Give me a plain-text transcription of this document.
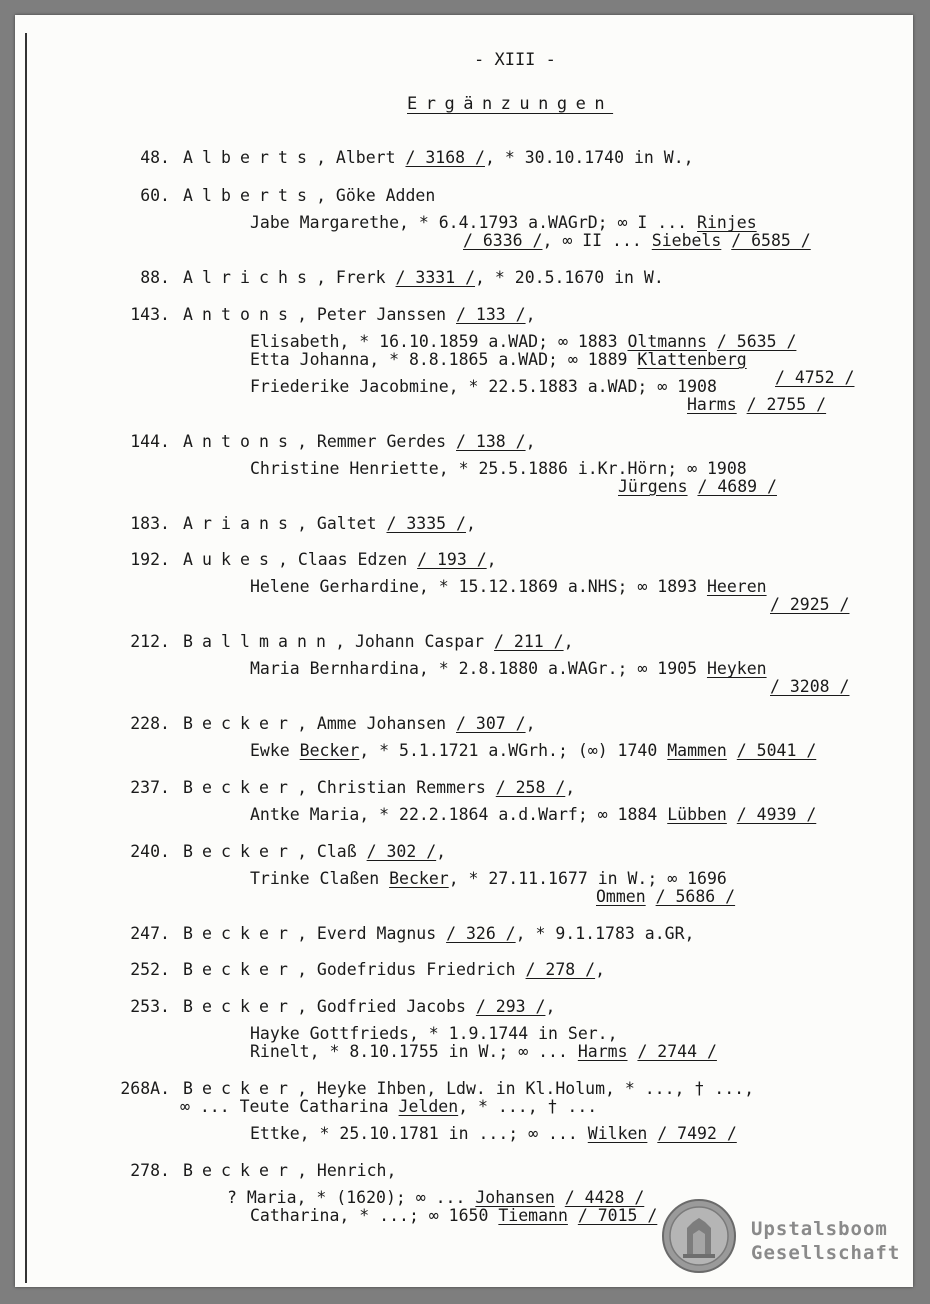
- XIII -
Ergänzungen
48. Alberts, Albert / 3168 /, * 30.10.1740 in W.,
60. Alberts, Göke Adden
Jabe Margarethe, * 6.4.1793 a.WAGrD; ∞ I ... Rinjes
/ 6336 /, ∞ II ... Siebels / 6585 /
88. Alrichs, Frerk / 3331 /, * 20.5.1670 in W.
143. Antons, Peter Janssen / 133 /,
Elisabeth, * 16.10.1859 a.WAD; ∞ 1883 Oltmanns / 5635 /
Etta Johanna, * 8.8.1865 a.WAD; ∞ 1889 Klattenberg
Friederike Jacobmine, * 22.5.1883 a.WAD; ∞ 1908	/ 4752 /
Harms / 2755 /
144. Antons, Remmer Gerdes / 138 /,
Christine Henriette, * 25.5.1886 i.Kr.Hörn; ∞ 1908
Jürgens / 4689 /
183. Arians, Galtet / 3335 /,
192. Aukes, Claas Edzen / 193 /,
Helene Gerhardine, * 15.12.1869 a.NHS; ∞ 1893 Heeren
/ 2925 /
212. Ballmann, Johann Caspar / 211 /,
Maria Bernhardina, * 2.8.1880 a.WAGr.; ∞ 1905 Heyken
/ 3208 /
228. Becker, Amme Johansen / 307 /,
Ewke Becker, * 5.1.1721 a.WGrh.; (∞) 1740 Mammen / 5041 /
237. Becker, Christian Remmers / 258 /,
Antke Maria, * 22.2.1864 a.d.Warf; ∞ 1884 Lübben / 4939 /
240. Becker, Claß / 302 /,
Trinke Claßen Becker, * 27.11.1677 in W.; ∞ 1696
Ommen / 5686 /
247. Becker, Everd Magnus / 326 /, * 9.1.1783 a.GR,
252. Becker, Godefridus Friedrich / 278 /,
253. Becker, Godfried Jacobs / 293 /,
Hayke Gottfrieds, * 1.9.1744 in Ser.,
Rinelt, * 8.10.1755 in W.; ∞ ... Harms / 2744 /
268A. Becker, Heyke Ihben, Ldw. in Kl.Holum, * ..., † ...,
∞ ... Teute Catharina Jelden, * ..., † ...
Ettke, * 25.10.1781 in ...; ∞ ... Wilken / 7492 /
278. Becker, Henrich,
? Maria, * (1620); ∞ ... Johansen / 4428 /
Catharina, * ...; ∞ 1650 Tiemann / 7015 /
Upstalsboom
Gesellschaft
